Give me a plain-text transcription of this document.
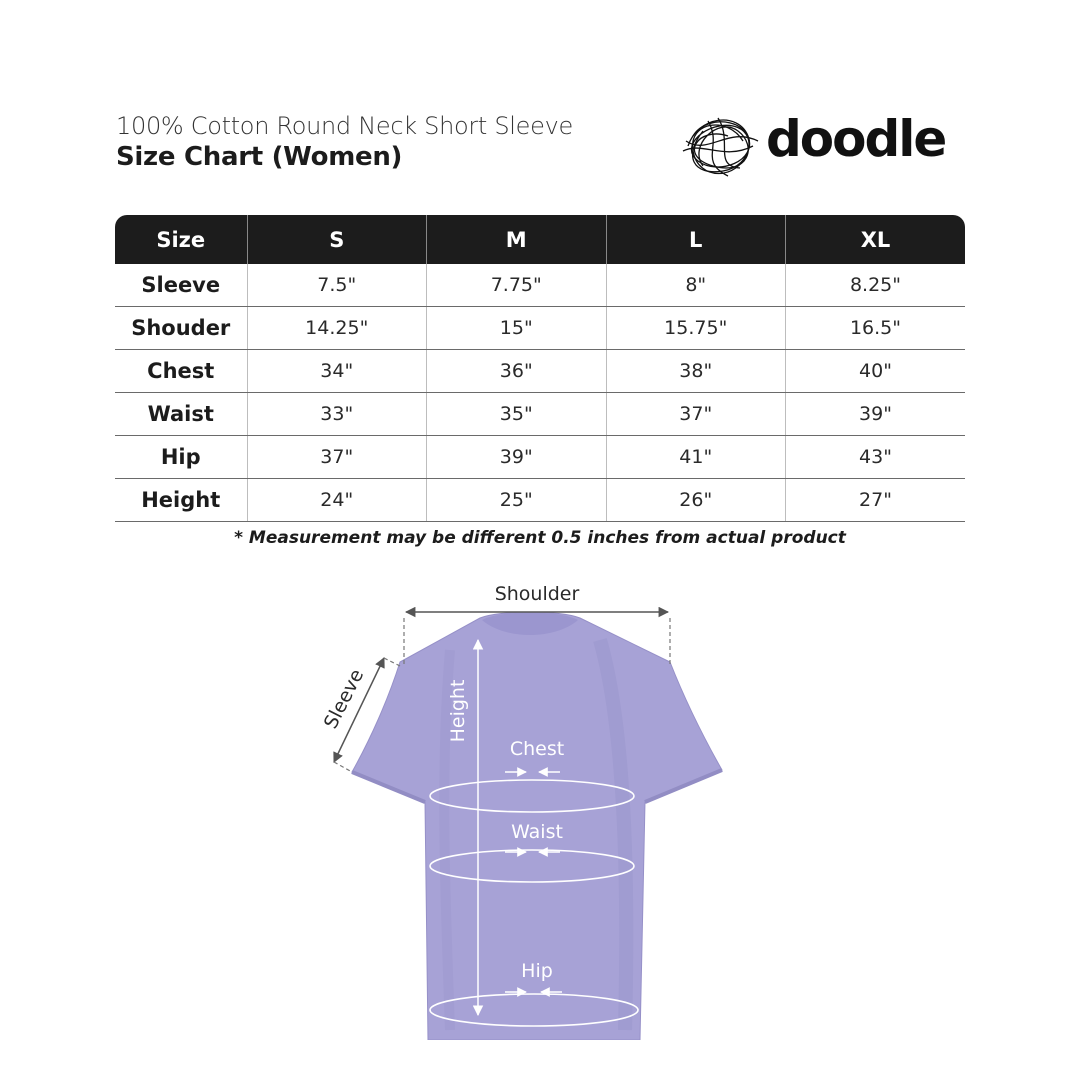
100% Cotton Round Neck Short Sleeve
Size Chart (Women)	doodle
Size	S	M	L	XL
Sleeve	7.5"	7.75"	8"	8.25"
Shouder	14.25"	15"	15.75"	16.5"
Chest	34"	36"	38"	40"
Waist	33"	35"	37"	39"
Hip	37"	39"	41"	43"
Height	24"	25"	26"	27"
* Measurement may be different 0.5 inches from actual product
Shoulder
Sleeve	Height
Chest
Waist
Hip
